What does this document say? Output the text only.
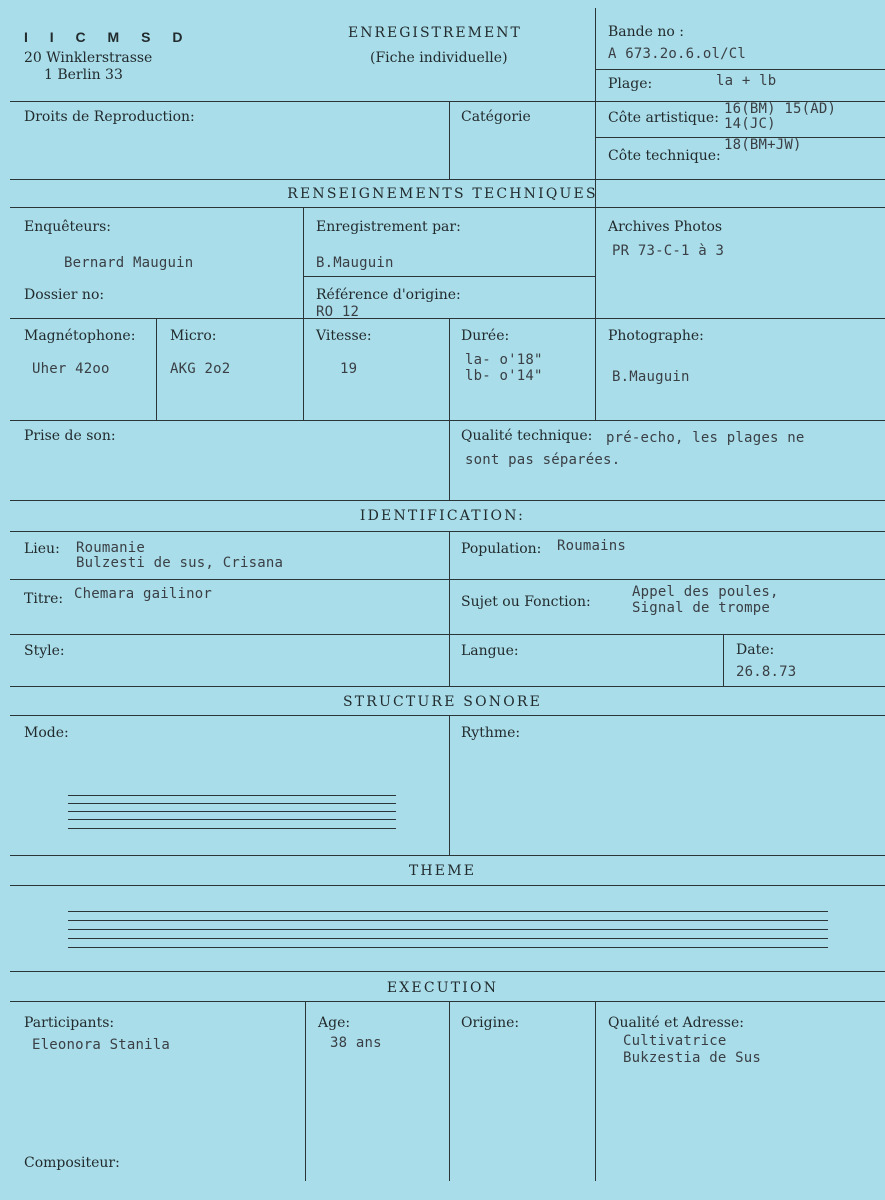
I I C M S D
20 Winklerstrasse
1 Berlin 33
ENREGISTREMENT
(Fiche individuelle)
Bande no :
A 673.2o.6.ol/Cl
Plage:	la + lb
Droits de Reproduction:	Catégorie	Côte artistique:
16(BM) 15(AD)
14(JC)
Côte technique:
18(BM+JW)
RENSEIGNEMENTS TECHNIQUES
Enquêteurs:
Bernard Mauguin
Dossier no:
Enregistrement par:
B.Mauguin
Référence d'origine:
RO 12
Archives Photos
PR 73-C-1 à 3
Magnétophone:
Uher 42oo
Micro:
AKG 2o2
Vitesse:
19
Durée:
la- o'18"
lb- o'14"
Photographe:
B.Mauguin
Prise de son:	Qualité technique: pré-echo, les plages ne
sont pas séparées.
IDENTIFICATION:
Lieu: Roumanie
Bulzesti de sus, Crisana
Population: Roumains
Titre: Chemara gailinor	Sujet ou Fonction:
Appel des poules,
Signal de trompe
Style:	Langue:	Date:
26.8.73
STRUCTURE SONORE
Mode:	Rythme:
THEME
EXECUTION
Participants:
Eleonora Stanila
Age:
38 ans
Origine:	Qualité et Adresse:
Cultivatrice
Bukzestia de Sus
Compositeur:
